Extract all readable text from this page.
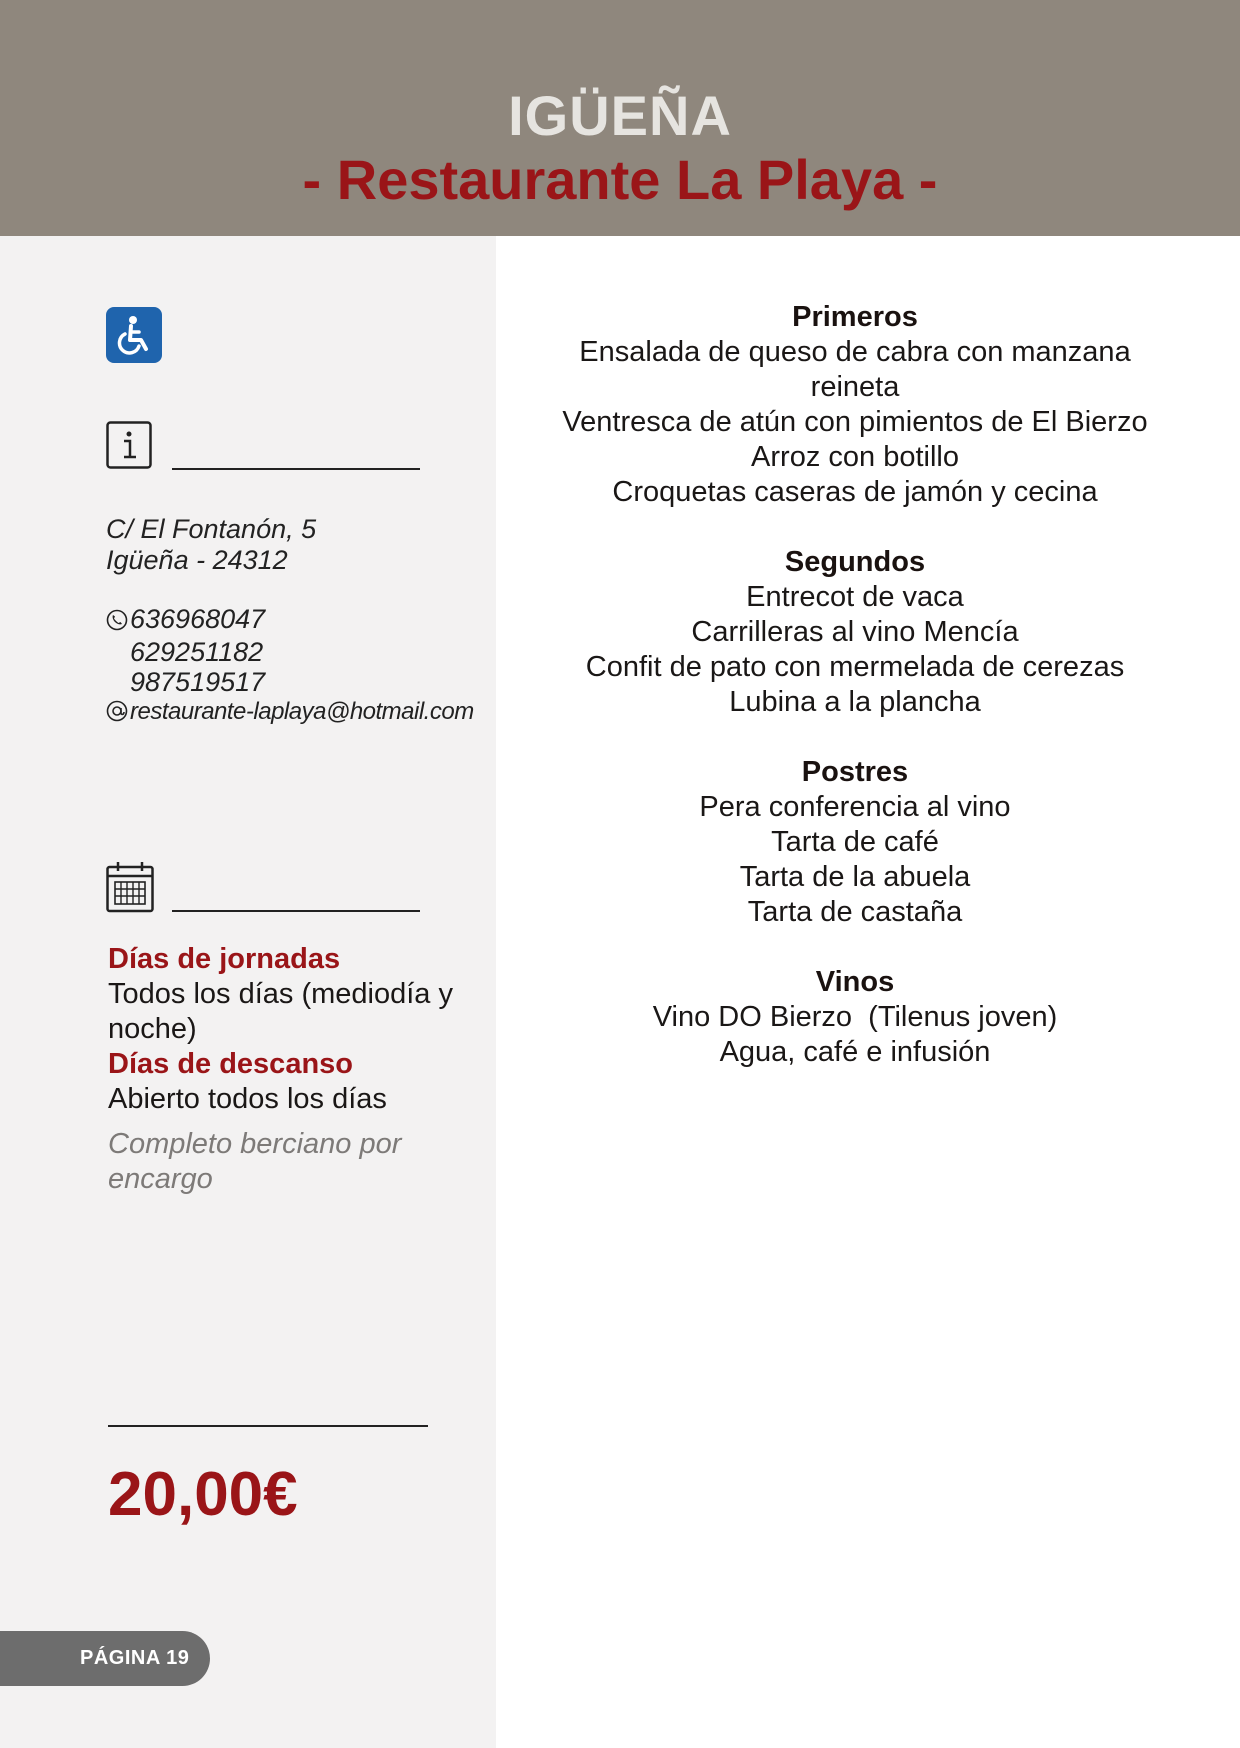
IGÜEÑA
- Restaurante La Playa -
C/ El Fontanón, 5
Igüeña - 24312
636968047
629251182
987519517
restaurante-laplaya@hotmail.com
Días de jornadas
Todos los días (mediodía y noche)
Días de descanso
Abierto todos los días
Completo berciano por encargo
20,00€
PÁGINA 19
Primeros
Ensalada de queso de cabra con manzana reineta
Ventresca de atún con pimientos de El Bierzo
Arroz con botillo
Croquetas caseras de jamón y cecina
Segundos
Entrecot de vaca
Carrilleras al vino Mencía
Confit de pato con mermelada de cerezas
Lubina a la plancha
Postres
Pera conferencia al vino
Tarta de café
Tarta de la abuela
Tarta de castaña
Vinos
Vino DO Bierzo  (Tilenus joven)
Agua, café e infusión
